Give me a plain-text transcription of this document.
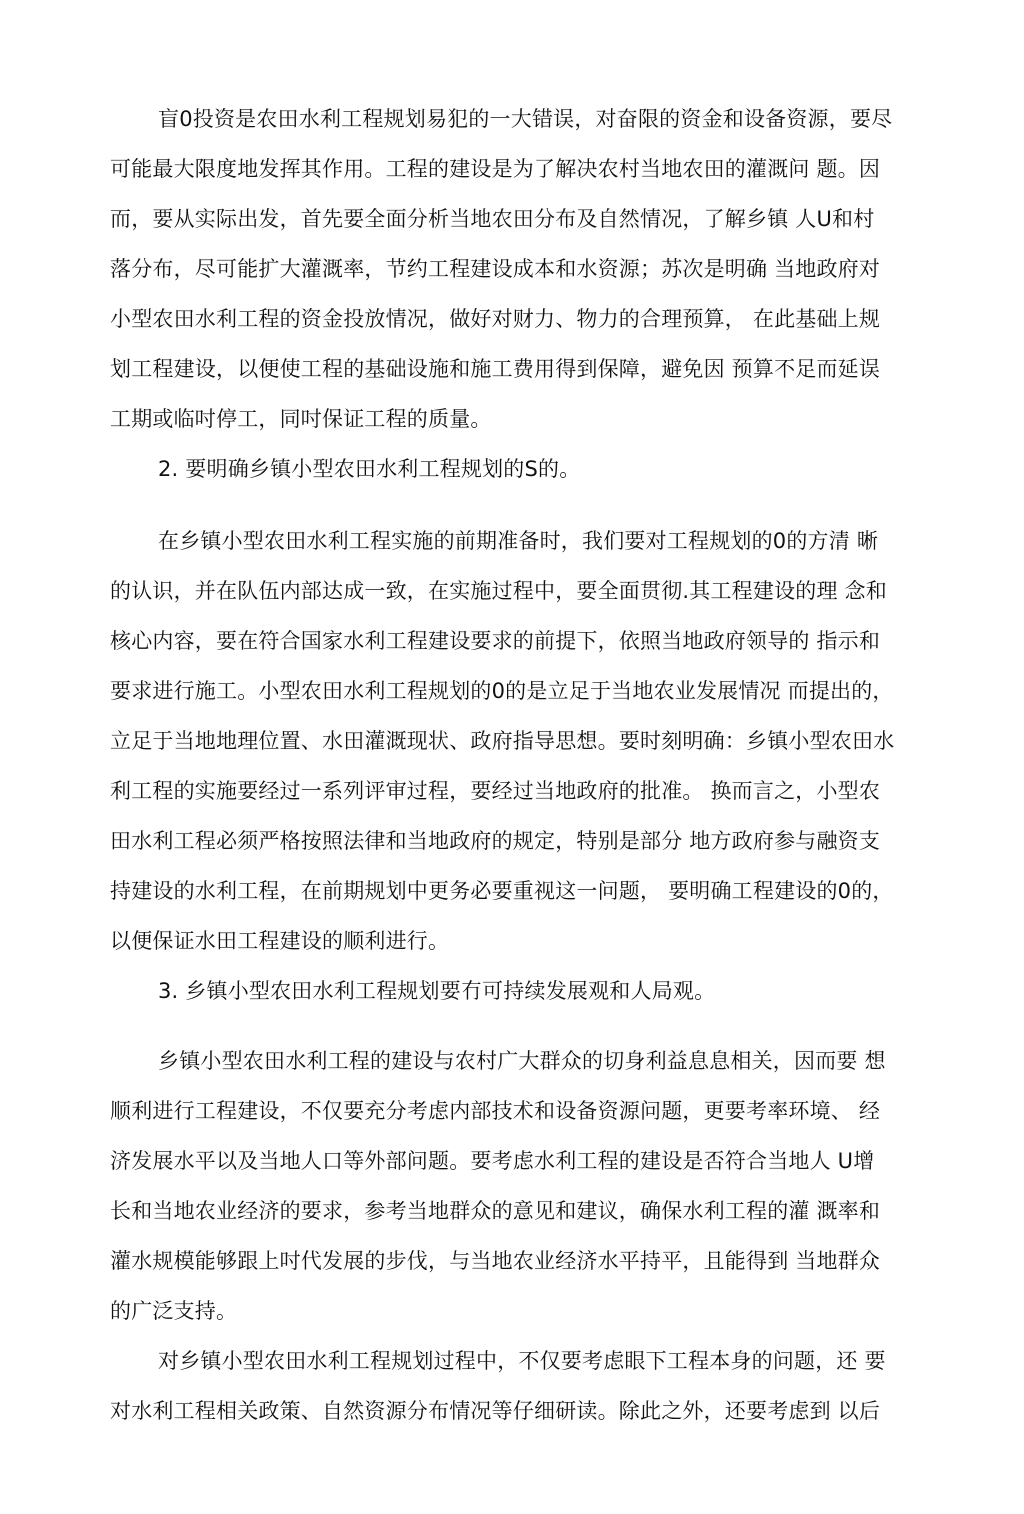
盲0投资是农田水利工程规划易犯的一大错误，对奋限的资金和设备资源，要尽
可能最大限度地发挥其作用。工程的建设是为了解决农村当地农田的灌溉问 题。因
而，要从实际出发，首先要全面分析当地农田分布及自然情况，了解乡镇 人U和村
落分布，尽可能扩大灌溉率，节约工程建设成本和水资源；苏次是明确 当地政府对
小型农田水利工程的资金投放情况，做好对财力、物力的合理预算， 在此基础上规
划工程建设，以便使工程的基础设施和施工费用得到保障，避免因 预算不足而延误
工期或临吋停工，同吋保证工程的质量。
2. 要明确乡镇小型农田水利工程规划的S的。
在乡镇小型农田水利工程实施的前期准备时，我们要对工程规划的0的方清 晰
的认识，并在队伍内部达成一致，在实施过程中，要全面贯彻.其工程建设的理 念和
核心内容，要在符合国家水利工程建设要求的前提下，依照当地政府领导的 指示和
要求进行施工。小型农田水利工程规划的0的是立足于当地农业发展情况 而提出的，
立足于当地地理位置、水田灌溉现状、政府指导思想。要时刻明确：乡镇小型农田水
利工程的实施要经过一系列评审过程，要经过当地政府的批准。 换而言之，小型农
田水利工程必须严格按照法律和当地政府的规定，特别是部分 地方政府参与融资支
持建设的水利工程，在前期规划中更务必要重视这一问题， 要明确工程建设的0的，
以便保证水田工程建设的顺利进行。
3. 乡镇小型农田水利工程规划要冇可持续发展观和人局观。
乡镇小型农田水利工程的建设与农村广大群众的切身利益息息相关，因而要 想
顺利进行工程建设，不仅要充分考虑内部技术和设备资源问题，更要考率环境、 经
济发展水平以及当地人口等外部问题。要考虑水利工程的建设是否符合当地人 U增
长和当地农业经济的要求，参考当地群众的意见和建议，确保水利工程的灌 溉率和
灌水规模能够跟上吋代发展的步伐，与当地农业经济水平持平，且能得到 当地群众
的广泛支持。
对乡镇小型农田水利工程规划过程中，不仅要考虑眼下工程本身的问题，还 要
对水利工程相关政策、自然资源分布情况等仔细研读。除此之外，还要考虑到 以后
